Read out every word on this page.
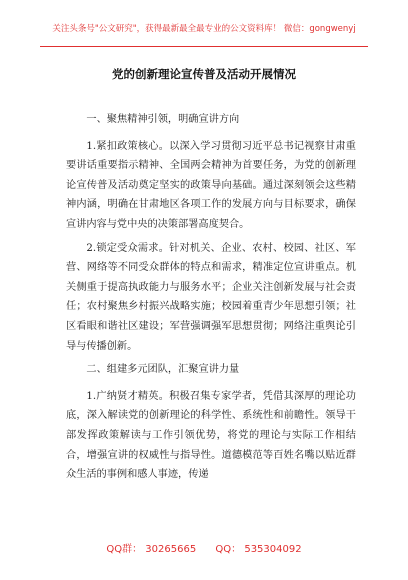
关注头条号"公文研究"，获得最新最全最专业的公文资料库！ 微信：gongwenyj
党的创新理论宣传普及活动开展情况

一、聚焦精神引领，明确宣讲方向

1.紧扣政策核心。以深入学习贯彻习近平总书记视察甘肃重要讲话重要指示精神、全国两会精神为首要任务，为党的创新理论宣传普及活动奠定坚实的政策导向基础。通过深刻领会这些精神内涵，明确在甘肃地区各项工作的发展方向与目标要求，确保宣讲内容与党中央的决策部署高度契合。

2.锁定受众需求。针对机关、企业、农村、校园、社区、军营、网络等不同受众群体的特点和需求，精准定位宣讲重点。机关侧重于提高执政能力与服务水平；企业关注创新发展与社会责任；农村聚焦乡村振兴战略实施；校园着重青少年思想引领；社区看眼和谐社区建设；军营强调强军思想贯彻；网络注重舆论引导与传播创新。

二、组建多元团队，汇聚宣讲力量

1.广纳贤才精英。积极召集专家学者，凭借其深厚的理论功底，深入解读党的创新理论的科学性、系统性和前瞻性。领导干部发挥政策解读与工作引领优势，将党的理论与实际工作相结合，增强宣讲的权威性与指导性。道德模范等百姓名嘴以贴近群众生活的事例和感人事迹，传递

QQ群： 30265665 QQ： 535304092
